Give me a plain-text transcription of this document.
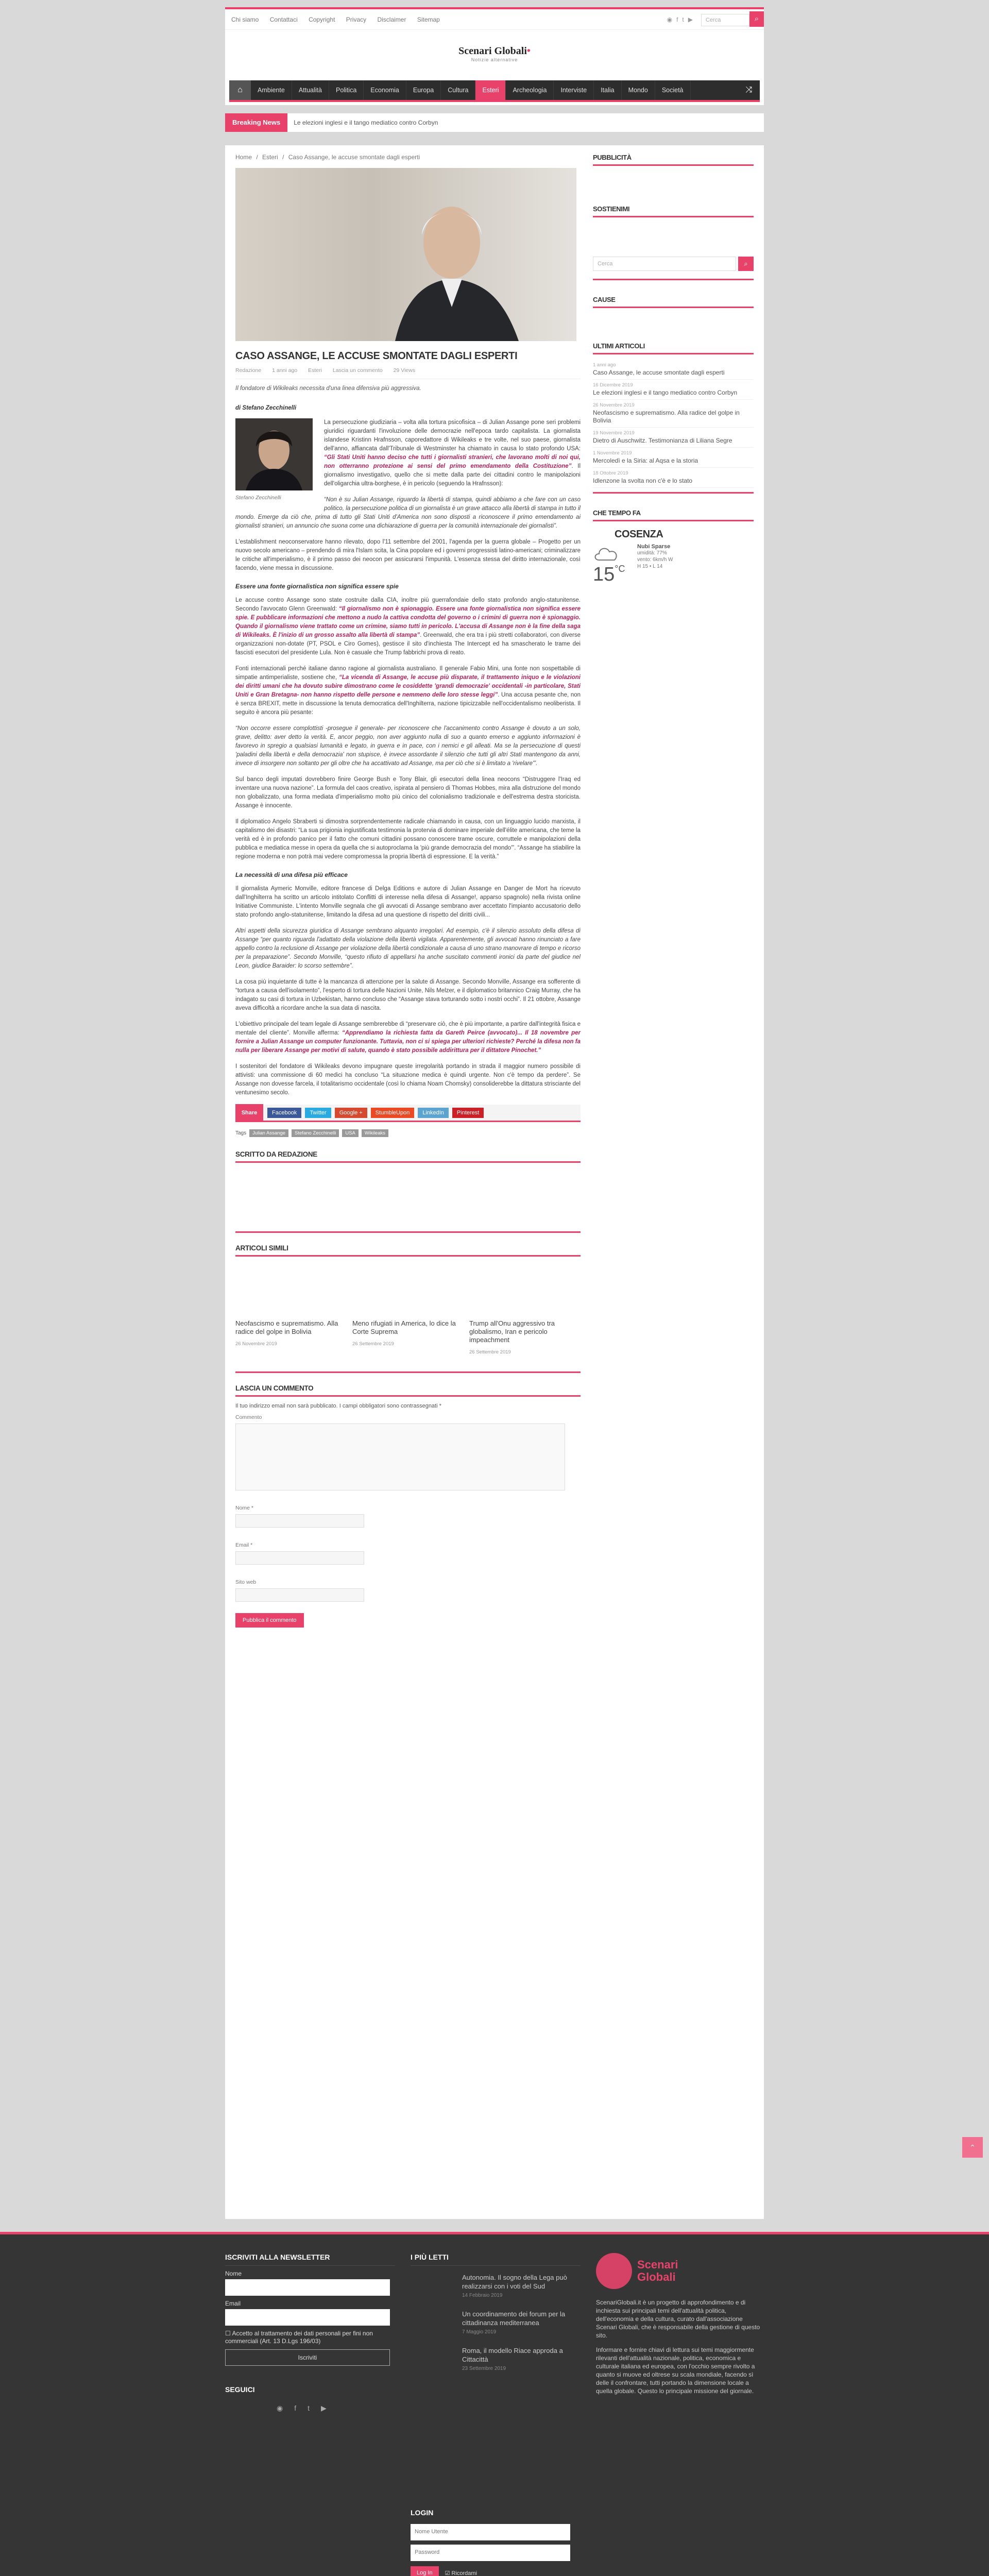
Chi siamo Contattaci Copyright Privacy Disclaimer Sitemap	◉ft▶	Cerca	⌕
Scenari Globali•
Notizie alternative
⌂	Ambiente	Attualità	Politica	Economia	Europa	Cultura	Esteri	Archeologia	Interviste	Italia	Mondo	Società	⤨
Breaking News	Le elezioni inglesi e il tango mediatico contro Corbyn
Home / Esteri / Caso Assange, le accuse smontate dagli esperti
CASO ASSANGE, LE ACCUSE SMONTATE DAGLI ESPERTI
Redazione 1 anni ago Esteri Lascia un commento 29 Views
Il fondatore di Wikileaks necessita d'una linea difensiva più aggressiva.
di Stefano Zecchinelli
Stefano Zecchinelli

La persecuzione giudiziaria – volta alla tortura psicofisica – di Julian Assange pone seri problemi giuridici riguardanti l'involuzione delle democrazie nell'epoca tardo capitalista. La giornalista islandese Kristinn Hrafnsson, caporedattore di Wikileaks e tre volte, nel suo paese, giornalista dell'anno, affiancata dall'Tribunale di Westminster ha chiamato in causa lo stato profondo USA: “Gli Stati Uniti hanno deciso che tutti i giornalisti stranieri, che lavorano molti di noi qui, non otterranno protezione ai sensi del primo emendamento della Costituzione”. Il giornalismo investigativo, quello che si mette dalla parte dei cittadini contro le manipolazioni dell'oligarchia ultra-borghese, è in pericolo (seguendo la Hrafnsson):

“Non è su Julian Assange, riguardo la libertà di stampa, quindi abbiamo a che fare con un caso politico, la persecuzione politica di un giornalista è un grave attacco alla libertà di stampa in tutto il mondo. Emerge da ciò che, prima di tutto gli Stati Uniti d'America non sono disposti a riconoscere il primo emendamento ai giornalisti stranieri, un annuncio che suona come una dichiarazione di guerra per la comunità internazionale dei giornalisti”.

L'establishment neoconservatore hanno rilevato, dopo l'11 settembre del 2001, l'agenda per la guerra globale – Progetto per un nuovo secolo americano – prendendo di mira l'Islam scita, la Cina popolare ed i governi progressisti latino-americani; criminalizzare le critiche all'imperialismo, è il primo passo dei neocon per assicurarsi l'impunità. L'essenza stessa del diritto internazionale, così facendo, viene messa in discussione.

Essere una fonte giornalistica non significa essere spie

Le accuse contro Assange sono state costruite dalla CIA, inoltre più guerrafondaie dello stato profondo anglo-statunitense. Secondo l'avvocato Glenn Greenwald: “Il giornalismo non è spionaggio. Essere una fonte giornalistica non significa essere spie. E pubblicare informazioni che mettono a nudo la cattiva condotta del governo o i crimini di guerra non è spionaggio. Quando il giornalismo viene trattato come un crimine, siamo tutti in pericolo. L'accusa di Assange non è la fine della saga di Wikileaks. È l'inizio di un grosso assalto alla libertà di stampa”. Greenwald, che era tra i più stretti collaboratori, con diverse organizzazioni non-dotate (PT, PSOL e Ciro Gomes), gestisce il sito d'inchiesta The Intercept ed ha smascherato le trame dei fascisti esecutori del presidente Lula. Non è casuale che Trump fabbrichi prova di reato.

Fonti internazionali perché italiane danno ragione al giornalista australiano. Il generale Fabio Mini, una fonte non sospettabile di simpatie antimperialiste, sostiene che, “La vicenda di Assange, le accuse più disparate, il trattamento iniquo e le violazioni dei diritti umani che ha dovuto subire dimostrano come le cosiddette 'grandi democrazie' occidentali -in particolare, Stati Uniti e Gran Bretagna- non hanno rispetto delle persone e nemmeno delle loro stesse leggi”. Una accusa pesante che, non è senza BREXIT, mette in discussione la tenuta democratica dell'Inghilterra, nazione tipicizzabile nell'occidentalismo neoliberista. Il seguito è ancora più pesante:

“Non occorre essere complottisti -prosegue il generale- per riconoscere che l'accanimento contro Assange è dovuto a un solo, grave, delitto: aver detto la verità. E, ancor peggio, non aver aggiunto nulla di suo a quanto emerso e aggiunto informazioni è favorevo in spregio a qualsiasi lumanità e legato, in guerra e in pace, con i nemici e gli alleati. Ma se la persecuzione di questi 'paladini della libertà e della democrazia' non stupisce, è invece assordante il silenzio che tutti gli altri Stati mantengono da anni, invece di insorgere non soltanto per gli oltre che ha accattivato ad Assange, ma per ciò che si è limitato a 'rivelare'”.

Sul banco degli imputati dovrebbero finire George Bush e Tony Blair, gli esecutori della linea neocons “Distruggere l'Iraq ed inventare una nuova nazione”. La formula del caos creativo, ispirata al pensiero di Thomas Hobbes, mira alla distruzione del mondo non globalizzato, una forma mediata d'imperialismo molto più cinico del colonialismo tradizionale e dell'estrema destra storicista. Assange è innocente.

Il diplomatico Angelo Sbraberti si dimostra sorprendentemente radicale chiamando in causa, con un linguaggio lucido marxista, il capitalismo dei disastri: “La sua prigionia ingiustificata testimonia la protervia di dominare imperiale dell'élite americana, che teme la verità ed è in profondo panico per il fatto che comuni cittadini possano conoscere trame oscure, corruttele e manipolazioni della pubblica e mediatica messe in opera da quella che si autoproclama la 'più grande democrazia del mondo'”. “Assange ha stiabilire la regione moderna e non potrà mai vedere compromessa la propria libertà di espressione. E la verità.”

La necessità di una difesa più efficace

Il giornalista Aymeric Monville, editore francese di Delga Editions e autore di Julian Assange en Danger de Mort ha ricevuto dall'Inghilterra ha scritto un articolo intitolato Conflitti di interesse nella difesa di Assange!, apparso spagnolo) nella rivista online Initiative Communiste. L'intento Monville segnala che gli avvocati di Assange sembrano aver accettato l'impianto accusatorio dello stato profondo anglo-statunitense, limitando la difesa ad una questione di rispetto del diritti civili...

Altri aspetti della sicurezza giuridica di Assange sembrano alquanto irregolari. Ad esempio, c'è il silenzio assoluto della difesa di Assange “per quanto riguarda l'adattato della violazione della libertà vigilata. Apparentemente, gli avvocati hanno rinunciato a fare appello contro la reclusione di Assange per violazione della libertà condizionale a causa di uno strano manovrare di tempo e ricorso per la preparazione”. Secondo Monville, “questo rifiuto di appellarsi ha anche suscitato commenti ironici da parte del giudice nel Leon, giudice Baraider: lo scorso settembre”.

La cosa più inquietante di tutte è la mancanza di attenzione per la salute di Assange. Secondo Monville, Assange era sofferente di “tortura a causa dell'isolamento”, l'esperto di tortura delle Nazioni Unite, Nils Melzer, e il diplomatico britannico Craig Murray, che ha indagato su casi di tortura in Uzbekistan, hanno concluso che “Assange stava torturando sotto i nostri occhi”. Il 21 ottobre, Assange aveva difficoltà a ricordare anche la sua data di nascita.

L'obiettivo principale del team legale di Assange sembrerebbe di “preservare ciò, che è più importante, a partire dall'integrità fisica e mentale del cliente”. Monville afferma: “Apprendiamo la richiesta fatta da Gareth Peirce (avvocato)... Il 18 novembre per fornire a Julian Assange un computer funzionante. Tuttavia, non ci si spiega per ulteriori richieste? Perché la difesa non fa nulla per liberare Assange per motivi di salute, quando è stato possibile addirittura per il dittatore Pinochet.”

I sostenitori del fondatore di Wikileaks devono impugnare queste irregolarità portando in strada il maggior numero possibile di attivisti: una commissione di 60 medici ha concluso “La situazione medica è quindi urgente. Non c'è tempo da perdere”. Se Assange non dovesse farcela, il totalitarismo occidentale (così lo chiama Noam Chomsky) consoliderebbe la dittatura strisciante del ventunesimo secolo.

Share	Facebook	Twitter	Google +	StumbleUpon	LinkedIn	Pinterest
Tags	Julian Assange	Stefano Zecchinelli	USA	Wikileaks
SCRITTO DA REDAZIONE
ARTICOLI SIMILI
Neofascismo e suprematismo. Alla radice del golpe in Bolivia
26 Novembre 2019
Meno rifugiati in America, lo dice la Corte Suprema
26 Settembre 2019
Trump all'Onu aggressivo tra globalismo, Iran e pericolo impeachment
26 Settembre 2019
LASCIA UN COMMENTO
Il tuo indirizzo email non sarà pubblicato. I campi obbligatori sono contrassegnati *
Commento
Nome *
Email *
Sito web
Pubblica il commento
PUBBLICITÀ
SOSTIENIMI
Cerca	⌕
CAUSE
ULTIMI ARTICOLI
1 anni ago
Caso Assange, le accuse smontate dagli esperti
16 Dicembre 2019
Le elezioni inglesi e il tango mediatico contro Corbyn
26 Novembre 2019
Neofascismo e suprematismo. Alla radice del golpe in Bolivia
19 Novembre 2019
Dietro di Auschwitz. Testimonianza di Liliana Segre
1 Novembre 2019
Mercoledì e la Siria: al Aqsa e la storia
18 Ottobre 2019
Idlenzone la svolta non c'è e lo stato
CHE TEMPO FA
COSENZA
$15^{^\circ C}$
Nubi Sparse
umidità: 77%
vento: 6km/h W
H 15 • L 14
⌃
ISCRIVITI ALLA NEWSLETTER
Nome
Email
☐ Accetto al trattamento dei dati personali per fini non commerciali (Art. 13 D.Lgs 196/03)
Iscriviti
SEGUICI
◉ft▶
I PIÙ LETTI
Autonomia. Il sogno della Lega può realizzarsi con i voti del Sud
14 Febbraio 2019
Un coordinamento dei forum per la cittadinanza mediterranea
7 Maggio 2019
Roma, il modello Riace approda a Cittacittà
23 Settembre 2019
Scenari Globali
ScenariGlobali.it è un progetto di approfondimento e di inchiesta sui principali temi dell'attualità politica, dell'economia e della cultura, curato dall'associazione Scenari Globali, che è responsabile della gestione di questo sito.
Informare e fornire chiavi di lettura sui temi maggiormente rilevanti dell'attualità nazionale, politica, economica e culturale italiana ed europea, con l'occhio sempre rivolto a quanto si muove ed oltrese su scala mondiale, facendo sì delle il confrontare, tutti portando la dimensione locale a quella globale. Questo lo principale missione del giornale.
LOGIN
Nome Utente
Password
Log In	☑ Ricordami
